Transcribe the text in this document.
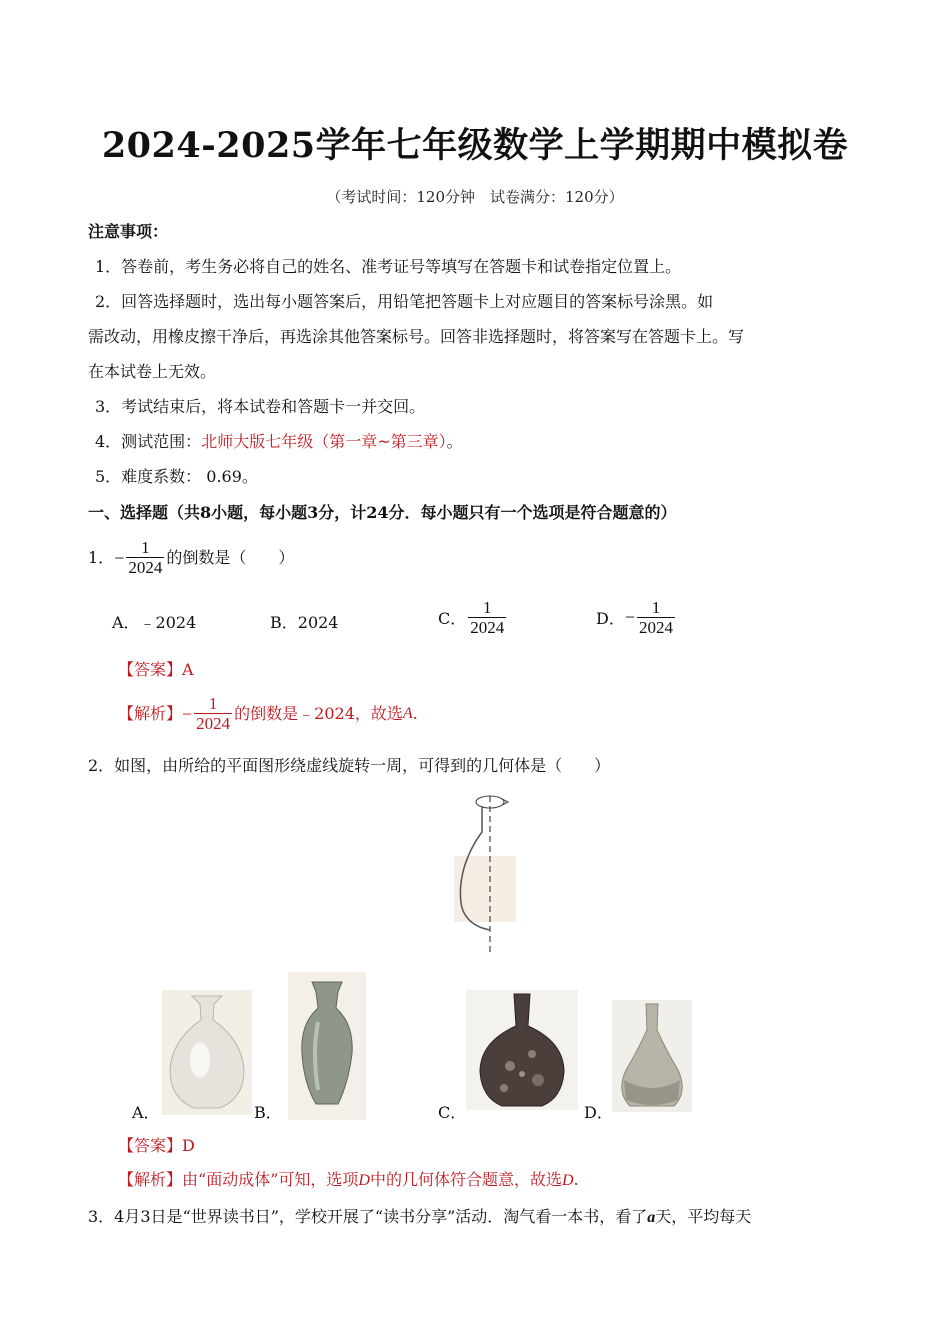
2024-2025学年七年级数学上学期期中模拟卷
（考试时间：120分钟　试卷满分：120分）
注意事项：
1．答卷前，考生务必将自己的姓名、准考证号等填写在答题卡和试卷指定位置上。
2．回答选择题时，选出每小题答案后，用铅笔把答题卡上对应题目的答案标号涂黑。如
需改动，用橡皮擦干净后，再选涂其他答案标号。回答非选择题时，将答案写在答题卡上。写
在本试卷上无效。
3．考试结束后，将本试卷和答题卡一并交回。
4．测试范围：北师大版七年级（第一章~第三章）。
5．难度系数： 0.69。
一、选择题（共8小题，每小题3分，计24分．每小题只有一个选项是符合题意的）
1． − $\frac{1}{2024}$ 的倒数是（　　）
A．﹣2024	B．2024	C． $\frac{1}{2024}$	D． − $\frac{1}{2024}$
【答案】A
【解析】 − $\frac{1}{2024}$ 的倒数是﹣2024，故选 A .
2．如图，由所给的平面图形绕虚线旋转一周，可得到的几何体是（　　）
A．	B．	C．	D．
【答案】D
【解析】由“面动成体”可知，选项D中的几何体符合题意，故选D.
3．4月3日是“世界读书日”，学校开展了“读书分享”活动．淘气看一本书，看了a天，平均每天
